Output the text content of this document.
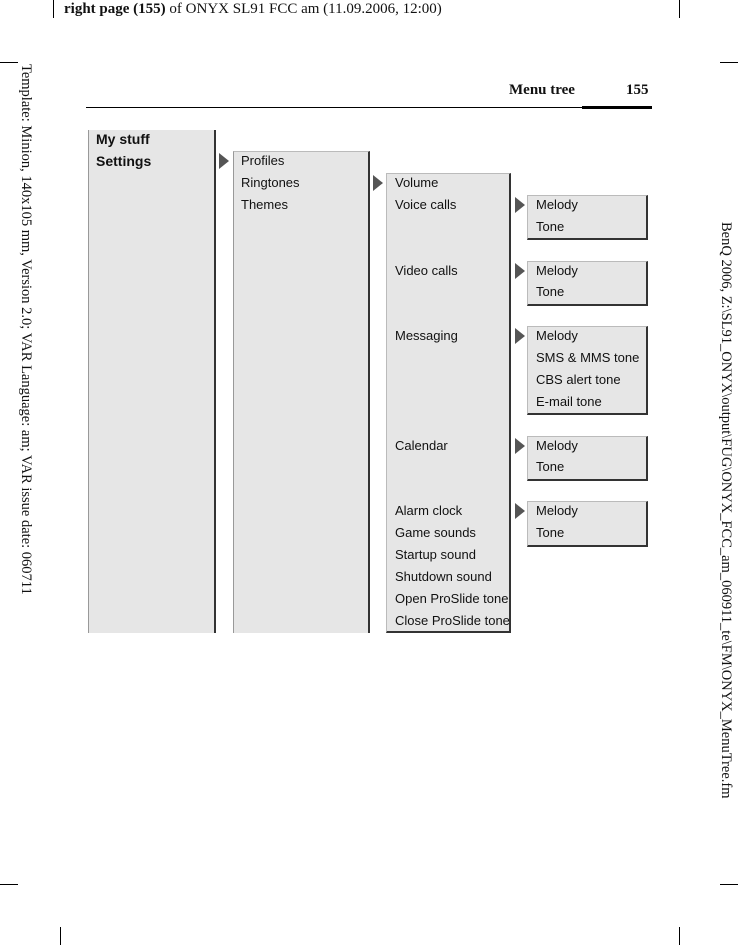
right page (155) of ONYX SL91 FCC am (11.09.2006, 12:00)
Template: Minion, 140x105 mm, Version 2.0; VAR Language: am; VAR issue date: 060711	BenQ 2006, Z:\SL91_ONYX\output\FUG\ONYX_FCC_am_060911_te\FM\ONYX_MenuTree.fm
Menu tree	155
My stuff
Settings	Profiles
Ringtones
Themes
Volume
Voice calls
Video calls
Messaging
Calendar
Alarm clock
Game sounds
Startup sound
Shutdown sound
Open ProSlide tone
Close ProSlide tone
Melody
Tone
Melody
Tone
Melody
SMS & MMS tone
CBS alert tone
E-mail tone
Melody
Tone
Melody
Tone
